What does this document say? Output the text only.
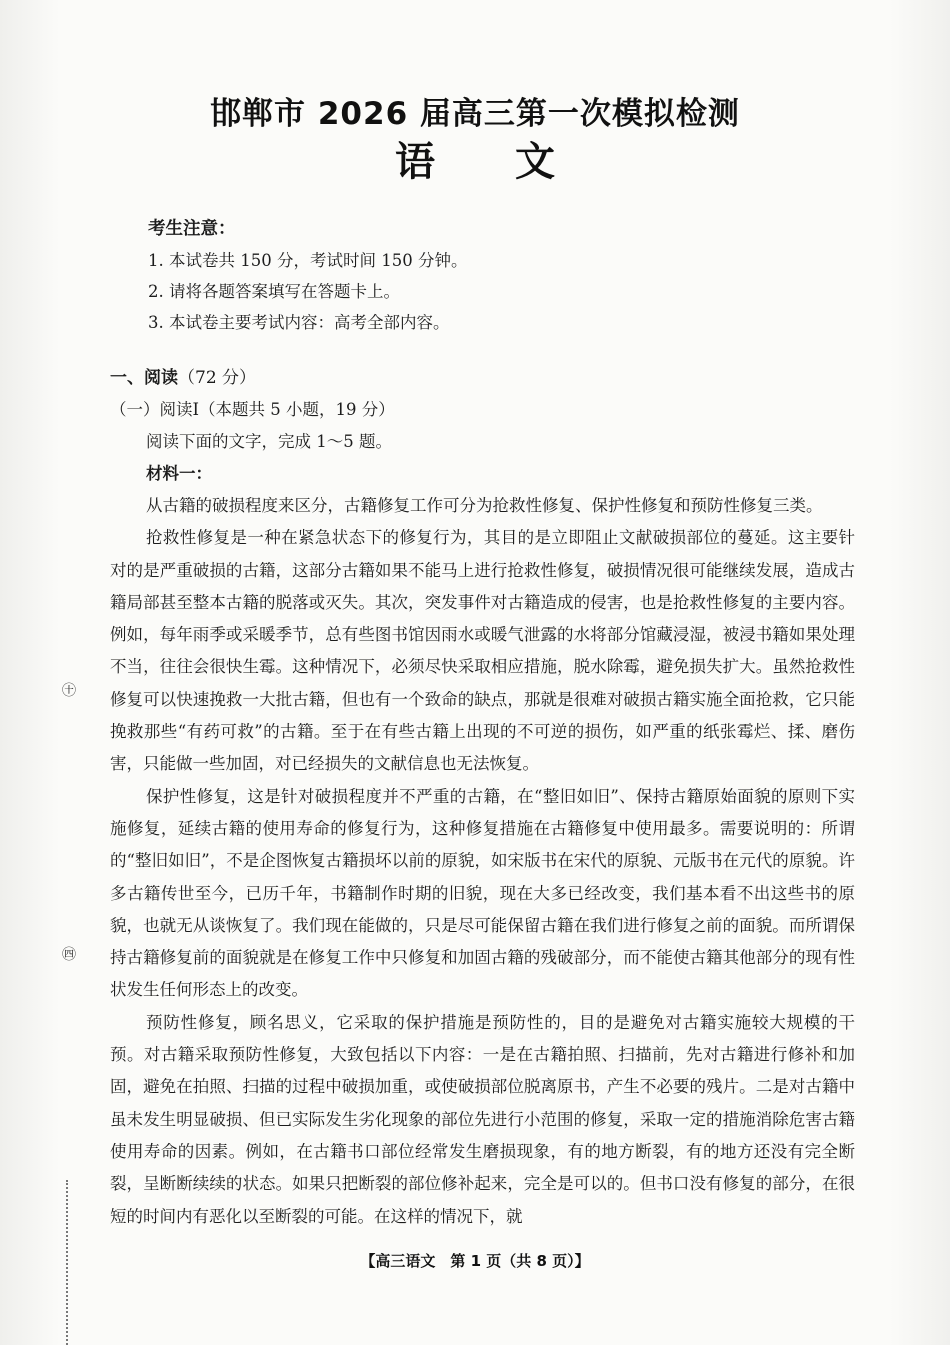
㊉
㊃
邯郸市 2026 届高三第一次模拟检测
语 文
考生注意：
1. 本试卷共 150 分，考试时间 150 分钟。
2. 请将各题答案填写在答题卡上。
3. 本试卷主要考试内容：高考全部内容。
一、阅读（72 分）
（一）阅读Ⅰ（本题共 5 小题，19 分）
阅读下面的文字，完成 1～5 题。
材料一：

从古籍的破损程度来区分，古籍修复工作可分为抢救性修复、保护性修复和预防性修复三类。

抢救性修复是一种在紧急状态下的修复行为，其目的是立即阻止文献破损部位的蔓延。这主要针对的是严重破损的古籍，这部分古籍如果不能马上进行抢救性修复，破损情况很可能继续发展，造成古籍局部甚至整本古籍的脱落或灭失。其次，突发事件对古籍造成的侵害，也是抢救性修复的主要内容。例如，每年雨季或采暖季节，总有些图书馆因雨水或暖气泄露的水将部分馆藏浸湿，被浸书籍如果处理不当，往往会很快生霉。这种情况下，必须尽快采取相应措施，脱水除霉，避免损失扩大。虽然抢救性修复可以快速挽救一大批古籍，但也有一个致命的缺点，那就是很难对破损古籍实施全面抢救，它只能挽救那些“有药可救”的古籍。至于在有些古籍上出现的不可逆的损伤，如严重的纸张霉烂、揉、磨伤害，只能做一些加固，对已经损失的文献信息也无法恢复。

保护性修复，这是针对破损程度并不严重的古籍，在“整旧如旧”、保持古籍原始面貌的原则下实施修复，延续古籍的使用寿命的修复行为，这种修复措施在古籍修复中使用最多。需要说明的：所谓的“整旧如旧”，不是企图恢复古籍损坏以前的原貌，如宋版书在宋代的原貌、元版书在元代的原貌。许多古籍传世至今，已历千年，书籍制作时期的旧貌，现在大多已经改变，我们基本看不出这些书的原貌，也就无从谈恢复了。我们现在能做的，只是尽可能保留古籍在我们进行修复之前的面貌。而所谓保持古籍修复前的面貌就是在修复工作中只修复和加固古籍的残破部分，而不能使古籍其他部分的现有性状发生任何形态上的改变。

预防性修复，顾名思义，它采取的保护措施是预防性的，目的是避免对古籍实施较大规模的干预。对古籍采取预防性修复，大致包括以下内容：一是在古籍拍照、扫描前，先对古籍进行修补和加固，避免在拍照、扫描的过程中破损加重，或使破损部位脱离原书，产生不必要的残片。二是对古籍中虽未发生明显破损、但已实际发生劣化现象的部位先进行小范围的修复，采取一定的措施消除危害古籍使用寿命的因素。例如，在古籍书口部位经常发生磨损现象，有的地方断裂，有的地方还没有完全断裂，呈断断续续的状态。如果只把断裂的部位修补起来，完全是可以的。但书口没有修复的部分，在很短的时间内有恶化以至断裂的可能。在这样的情况下，就

【高三语文　第 1 页（共 8 页）】
